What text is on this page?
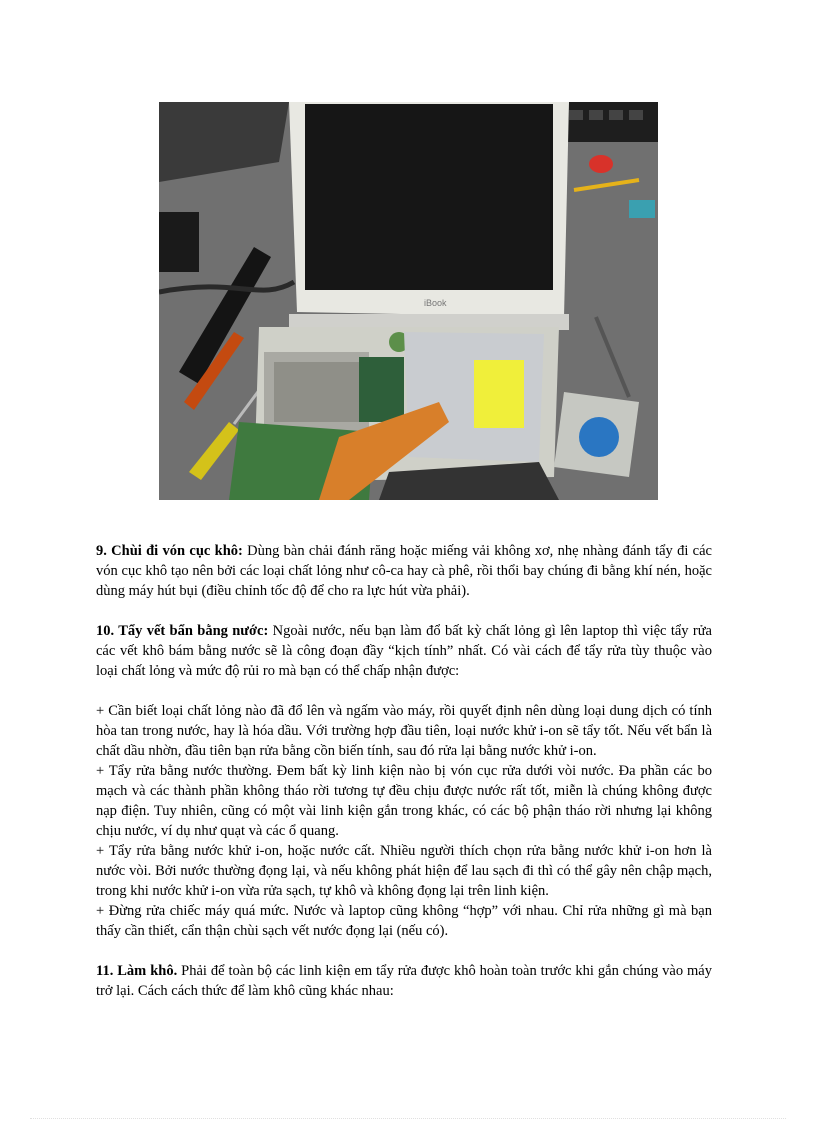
iBook

9. Chùi đi vón cục khô: Dùng bàn chải đánh răng hoặc miếng vải không xơ, nhẹ nhàng đánh tẩy đi các vón cục khô tạo nên bởi các loại chất lỏng như cô-ca hay cà phê, rồi thổi bay chúng đi bằng khí nén, hoặc dùng máy hút bụi (điều chỉnh tốc độ để cho ra lực hút vừa phải).

10. Tẩy vết bẩn bằng nước: Ngoài nước, nếu bạn làm đổ bất kỳ chất lỏng gì lên laptop thì việc tẩy rửa các vết khô bám bằng nước sẽ là công đoạn đầy “kịch tính” nhất. Có vài cách để tẩy rửa tùy thuộc vào loại chất lỏng và mức độ rủi ro mà bạn có thể chấp nhận được:

+ Cần biết loại chất lỏng nào đã đổ lên và ngấm vào máy, rồi quyết định nên dùng loại dung dịch có tính hòa tan trong nước, hay là hóa dầu. Với trường hợp đầu tiên, loại nước khử i-on sẽ tẩy tốt. Nếu vết bẩn là chất dầu nhờn, đầu tiên bạn rửa bằng cồn biến tính, sau đó rửa lại bằng nước khử i-on.

+ Tẩy rửa bằng nước thường. Đem bất kỳ linh kiện nào bị vón cục rửa dưới vòi nước. Đa phần các bo mạch và các thành phần không tháo rời tương tự đều chịu được nước rất tốt, miễn là chúng không được nạp điện. Tuy nhiên, cũng có một vài linh kiện gắn trong khác, có các bộ phận tháo rời nhưng lại không chịu nước, ví dụ như quạt và các ổ quang.

+ Tẩy rửa bằng nước khử i-on, hoặc nước cất. Nhiều người thích chọn rửa bằng nước khử i-on hơn là nước vòi. Bởi nước thường đọng lại, và nếu không phát hiện để lau sạch đi thì có thể gây nên chập mạch, trong khi nước khử i-on vừa rửa sạch, tự khô và không đọng lại trên linh kiện.

+ Đừng rửa chiếc máy quá mức. Nước và laptop cũng không “hợp” với nhau. Chỉ rửa những gì mà bạn thấy cần thiết, cẩn thận chùi sạch vết nước đọng lại (nếu có).

11. Làm khô. Phải để toàn bộ các linh kiện em tẩy rửa được khô hoàn toàn trước khi gắn chúng vào máy trở lại. Cách cách thức để làm khô cũng khác nhau:
